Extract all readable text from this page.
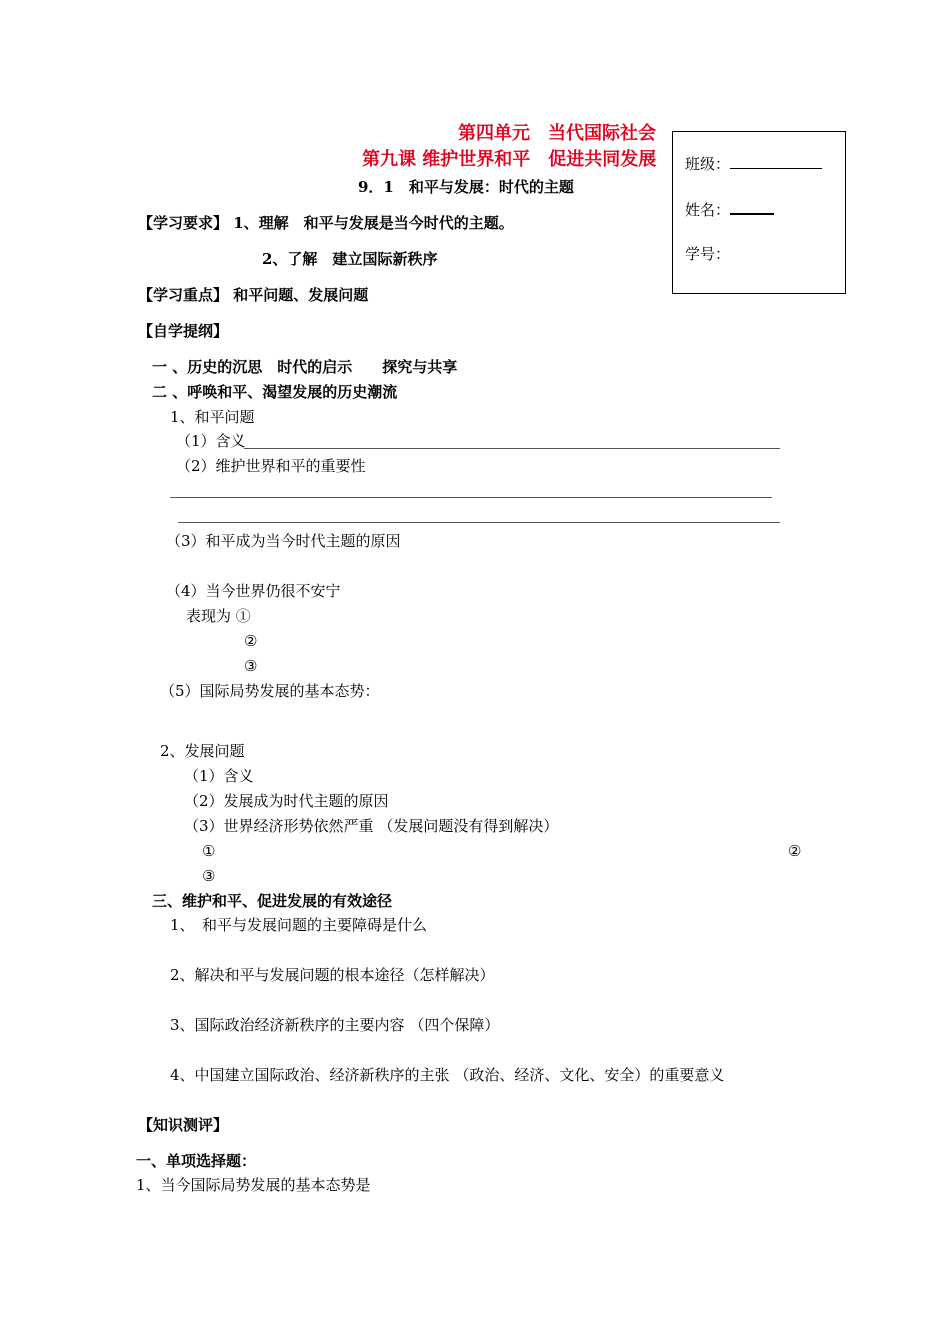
第四单元　当代国际社会
第九课 维护世界和平　促进共同发展
9．1　和平与发展：时代的主题
班级：
姓名：
学号：
【学习要求】 1、理解　和平与发展是当今时代的主题。
2、了解　建立国际新秩序
【学习重点】 和平问题、发展问题
【自学提纲】
一 、历史的沉思　时代的启示　　探究与共享
二 、呼唤和平、渴望发展的历史潮流
1、和平问题
（1）含义
（2）维护世界和平的重要性
（3）和平成为当今时代主题的原因
（4）当今世界仍很不安宁
表现为 ①
②
③
（5）国际局势发展的基本态势：
2、发展问题
（1）含义
（2）发展成为时代主题的原因
（3）世界经济形势依然严重 （发展问题没有得到解决）
①	②
③
三、维护和平、促进发展的有效途径
1、　和平与发展问题的主要障碍是什么
2、解决和平与发展问题的根本途径（怎样解决）
3、国际政治经济新秩序的主要内容 （四个保障）
4、中国建立国际政治、经济新秩序的主张 （政治、经济、文化、安全）的重要意义
【知识测评】
一、单项选择题：
1、当今国际局势发展的基本态势是
